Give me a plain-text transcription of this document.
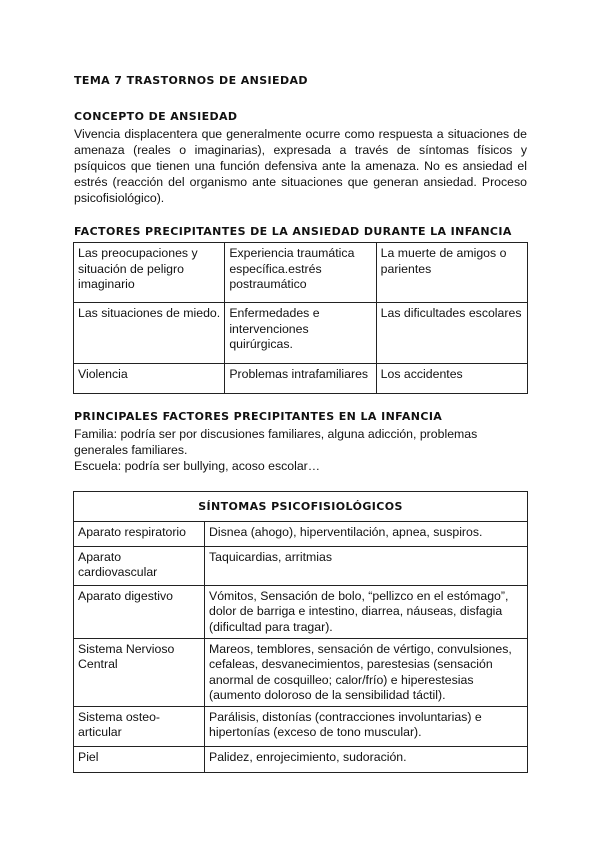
TEMA 7 TRASTORNOS DE ANSIEDAD
CONCEPTO DE ANSIEDAD
Vivencia displacentera que generalmente ocurre como respuesta a situaciones de amenaza (reales o imaginarias), expresada a través de síntomas físicos y psíquicos que tienen una función defensiva ante la amenaza. No es ansiedad el estrés (reacción del organismo ante situaciones que generan ansiedad. Proceso psicofisiológico).
FACTORES PRECIPITANTES DE LA ANSIEDAD DURANTE LA INFANCIA
Las preocupaciones y situación de peligro imaginario	Experiencia traumática específica.estrés postraumático	La muerte de amigos o parientes
Las situaciones de miedo.	Enfermedades e intervenciones quirúrgicas.	Las dificultades escolares
Violencia	Problemas intrafamiliares	Los accidentes
PRINCIPALES FACTORES PRECIPITANTES EN LA INFANCIA
Familia: podría ser por discusiones familiares, alguna adicción, problemas generales familiares.
Escuela: podría ser bullying, acoso escolar…
SÍNTOMAS PSICOFISIOLÓGICOS	
Aparato respiratorio	Disnea (ahogo), hiperventilación, apnea, suspiros.
Aparato cardiovascular	Taquicardias, arritmias
Aparato digestivo	Vómitos, Sensación de bolo, “pellizco en el estómago”, dolor de barriga e intestino, diarrea, náuseas, disfagia (dificultad para tragar).
Sistema Nervioso Central	Mareos, temblores, sensación de vértigo, convulsiones, cefaleas, desvanecimientos, parestesias (sensación anormal de cosquilleo; calor/frío) e hiperestesias (aumento doloroso de la sensibilidad táctil).
Sistema osteo-articular	Parálisis, distonías (contracciones involuntarias) e hipertonías (exceso de tono muscular).
Piel	Palidez, enrojecimiento, sudoración.
